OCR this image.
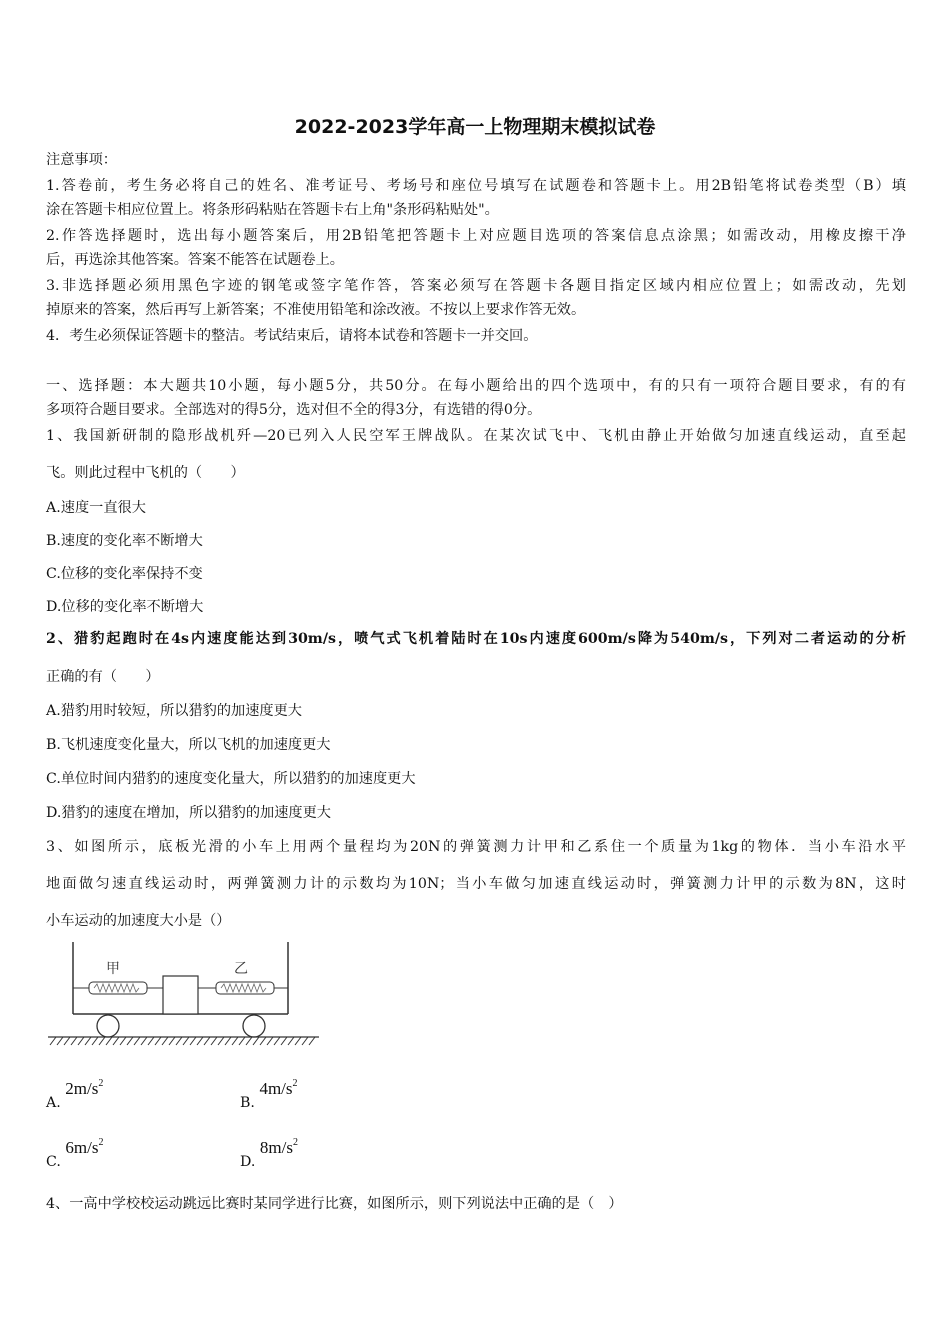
2022-2023学年高一上物理期末模拟试卷
注意事项：
1.答卷前，考生务必将自己的姓名、准考证号、考场号和座位号填写在试题卷和答题卡上。用2B铅笔将试卷类型（B）填
涂在答题卡相应位置上。将条形码粘贴在答题卡右上角"条形码粘贴处"。
2.作答选择题时，选出每小题答案后，用2B铅笔把答题卡上对应题目选项的答案信息点涂黑；如需改动，用橡皮擦干净
后，再选涂其他答案。答案不能答在试题卷上。
3.非选择题必须用黑色字迹的钢笔或签字笔作答，答案必须写在答题卡各题目指定区域内相应位置上；如需改动，先划
掉原来的答案，然后再写上新答案；不准使用铅笔和涂改液。不按以上要求作答无效。
4．考生必须保证答题卡的整洁。考试结束后，请将本试卷和答题卡一并交回。
一、选择题：本大题共10小题，每小题5分，共50分。在每小题给出的四个选项中，有的只有一项符合题目要求，有的有
多项符合题目要求。全部选对的得5分，选对但不全的得3分，有选错的得0分。
1、我国新研制的隐形战机歼—20已列入人民空军王牌战队。在某次试飞中、飞机由静止开始做匀加速直线运动，直至起
飞。则此过程中飞机的（　　）
A.速度一直很大
B.速度的变化率不断增大
C.位移的变化率保持不变
D.位移的变化率不断增大
2、猎豹起跑时在4s内速度能达到30m/s，喷气式飞机着陆时在10s内速度600m/s降为540m/s，下列对二者运动的分析
正确的有（　　）
A.猎豹用时较短，所以猎豹的加速度更大
B.飞机速度变化量大，所以飞机的加速度更大
C.单位时间内猎豹的速度变化量大，所以猎豹的加速度更大
D.猎豹的速度在增加，所以猎豹的加速度更大
3、如图所示，底板光滑的小车上用两个量程均为20N的弹簧测力计甲和乙系住一个质量为1kg的物体．当小车沿水平
地面做匀速直线运动时，两弹簧测力计的示数均为10N；当小车做匀加速直线运动时，弹簧测力计甲的示数为8N，这时
小车运动的加速度大小是（）
甲	乙
A. $2m/s^2$
B. $4m/s^2$
C. $6m/s^2$
D. $8m/s^2$
4、一高中学校校运动跳远比赛时某同学进行比赛，如图所示，则下列说法中正确的是（　）
